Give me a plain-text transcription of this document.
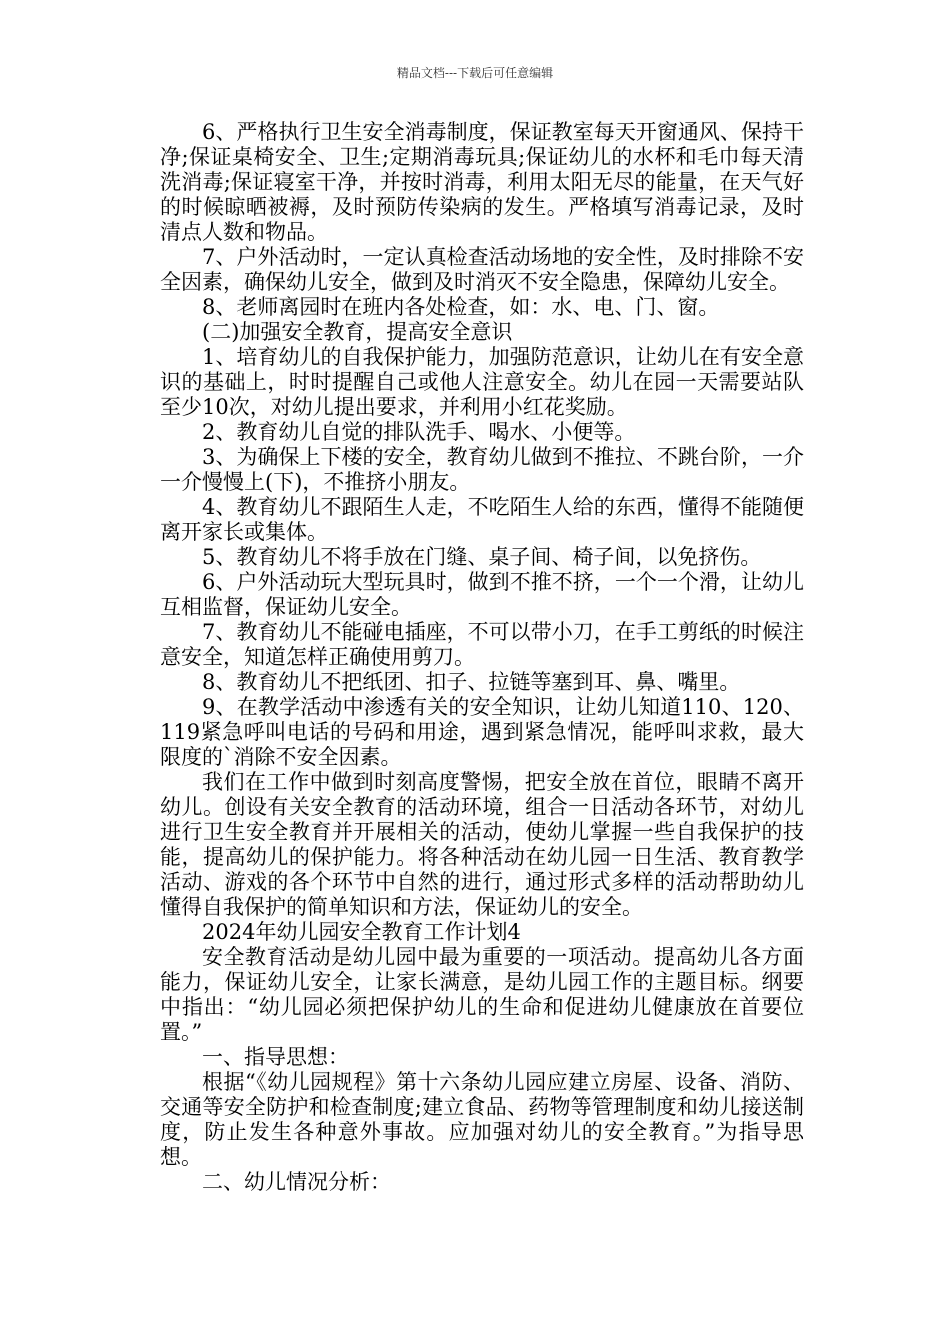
精品文档---下载后可任意编辑

6、严格执行卫生安全消毒制度，保证教室每天开窗通风、保持干净;保证桌椅安全、卫生;定期消毒玩具;保证幼儿的水杯和毛巾每天清洗消毒;保证寝室干净，并按时消毒，利用太阳无尽的能量，在天气好的时候晾晒被褥，及时预防传染病的发生。严格填写消毒记录，及时清点人数和物品。

7、户外活动时，一定认真检查活动场地的安全性，及时排除不安全因素，确保幼儿安全，做到及时消灭不安全隐患，保障幼儿安全。

8、老师离园时在班内各处检查，如：水、电、门、窗。

(二)加强安全教育，提高安全意识

1、培育幼儿的自我保护能力，加强防范意识，让幼儿在有安全意识的基础上，时时提醒自己或他人注意安全。幼儿在园一天需要站队至少10次，对幼儿提出要求，并利用小红花奖励。

2、教育幼儿自觉的排队洗手、喝水、小便等。

3、为确保上下楼的安全，教育幼儿做到不推拉、不跳台阶，一介一介慢慢上(下)，不推挤小朋友。

4、教育幼儿不跟陌生人走，不吃陌生人给的东西，懂得不能随便离开家长或集体。

5、教育幼儿不将手放在门缝、桌子间、椅子间，以免挤伤。

6、户外活动玩大型玩具时，做到不推不挤，一个一个滑，让幼儿互相监督，保证幼儿安全。

7、教育幼儿不能碰电插座，不可以带小刀，在手工剪纸的时候注意安全，知道怎样正确使用剪刀。

8、教育幼儿不把纸团、扣子、拉链等塞到耳、鼻、嘴里。

9、在教学活动中渗透有关的安全知识，让幼儿知道110、120、119紧急呼叫电话的号码和用途，遇到紧急情况，能呼叫求救，最大限度的`消除不安全因素。

我们在工作中做到时刻高度警惕，把安全放在首位，眼睛不离开幼儿。创设有关安全教育的活动环境，组合一日活动各环节，对幼儿进行卫生安全教育并开展相关的活动，使幼儿掌握一些自我保护的技能，提高幼儿的保护能力。将各种活动在幼儿园一日生活、教育教学活动、游戏的各个环节中自然的进行，通过形式多样的活动帮助幼儿懂得自我保护的简单知识和方法，保证幼儿的安全。

2024年幼儿园安全教育工作计划4

安全教育活动是幼儿园中最为重要的一项活动。提高幼儿各方面能力，保证幼儿安全，让家长满意，是幼儿园工作的主题目标。纲要中指出：“幼儿园必须把保护幼儿的生命和促进幼儿健康放在首要位置。”

一、指导思想：

根据“《幼儿园规程》第十六条幼儿园应建立房屋、设备、消防、交通等安全防护和检查制度;建立食品、药物等管理制度和幼儿接送制度，防止发生各种意外事故。应加强对幼儿的安全教育。”为指导思想。

二、幼儿情况分析：
